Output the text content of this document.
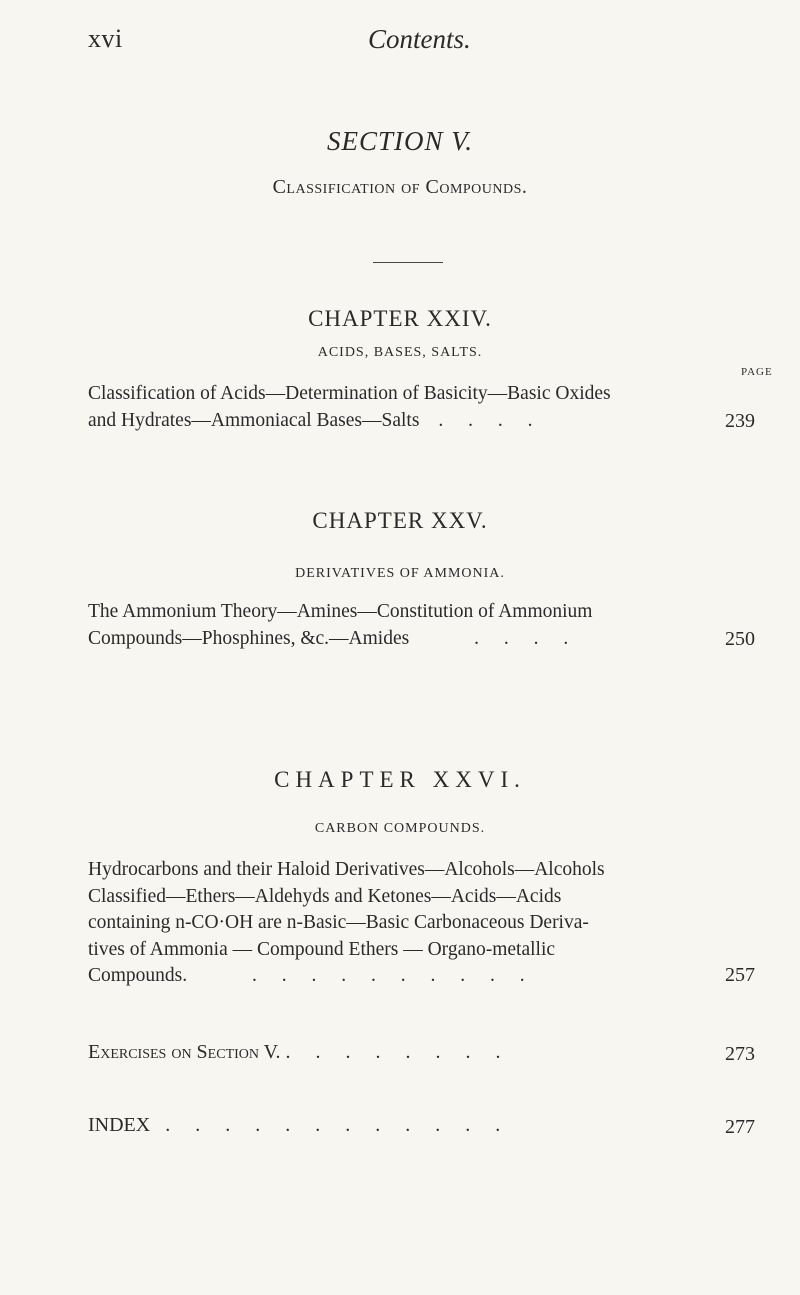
xvi	Contents.
SECTION V.
Classification of Compounds.
CHAPTER XXIV.
ACIDS, BASES, SALTS.
PAGE
Classification of Acids—Determination of Basicity—Basic Oxides
and Hydrates—Ammoniacal Bases—Salts . . . .	239
CHAPTER XXV.
DERIVATIVES OF AMMONIA.
The Ammonium Theory—Amines—Constitution of Ammonium
Compounds—Phosphines, &c.—Amides	. . . .	250
CHAPTER XXVI.
CARBON COMPOUNDS.
Hydrocarbons and their Haloid Derivatives—Alcohols—Alcohols
Classified—Ethers—Aldehyds and Ketones—Acids—Acids
containing n-CO·OH are n-Basic—Basic Carbonaceous Deriva-
tives of Ammonia — Compound Ethers — Organo-metallic
Compounds.	. . . . . . . . . .	257
Exercises on Section V. . . . . . . . .	273
INDEX . . . . . . . . . . . .	277
